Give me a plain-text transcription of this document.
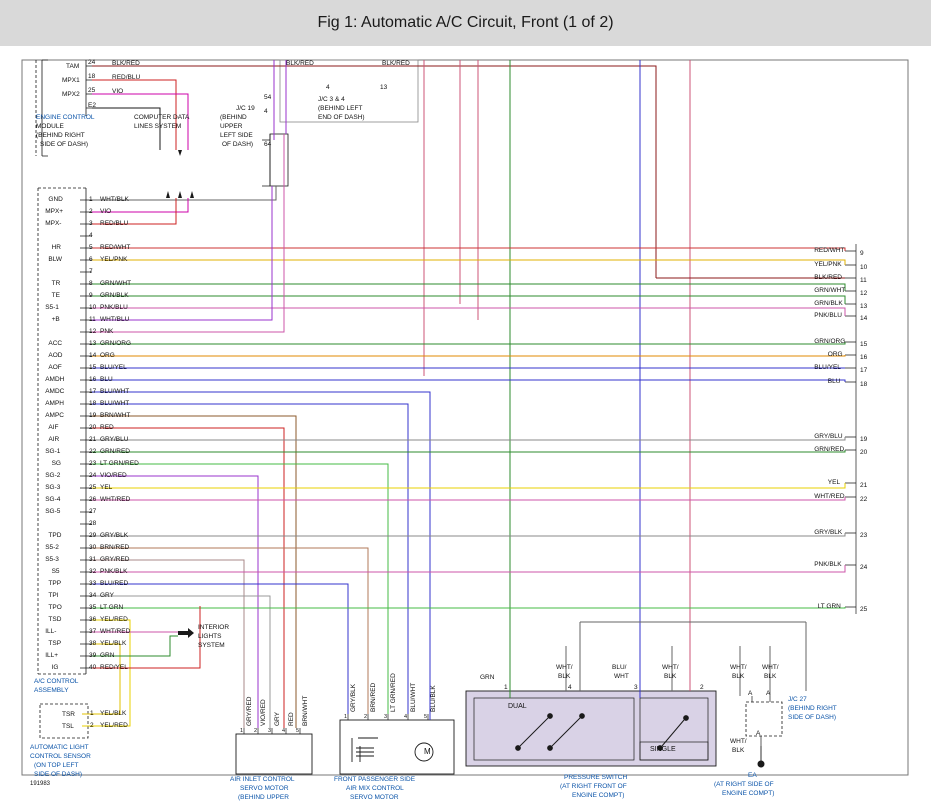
Fig 1: Automatic A/C Circuit, Front (1 of 2)
TAM
24	BLK/RED
MPX1
18	RED/BLU
MPX2
25	VIO
E2
ENGINE CONTROL
MODULE
(BEHIND RIGHT
SIDE OF DASH)
COMPUTER DATA
LINES SYSTEM
J/C 19
(BEHIND
UPPER
LEFT SIDE
OF DASH)
4
54
64
J/C 3 & 4
(BEHIND LEFT
END OF DASH)
4	13
BLK/RED	BLK/RED
GND	1 WHT/BLK
MPX+	2 VIO
MPX-	3 RED/BLU
4
HR	5 RED/WHT
BLW	6 YEL/PNK
7
TR	8 GRN/WHT
TE	9 GRN/BLK
S5-1	10 PNK/BLU
+B	11 WHT/BLU
12 PNK
ACC	13 GRN/ORG
AOD	14 ORG
AOF	15 BLU/YEL
AMDH	16 BLU
AMDC	17 BLU/WHT
AMPH	18 BLU/WHT
AMPC	19 BRN/WHT
AIF	20 RED
AIR	21 GRY/BLU
SG-1	22 GRN/RED
SG	23 LT GRN/RED
SG-2	24 VIO/RED
SG-3	25 YEL
SG-4	26 WHT/RED
SG-5	27
28
TPD	29 GRY/BLK
S5-2	30 BRN/RED
S5-3	31 GRY/RED
S5	32 PNK/BLK
TPP	33 BLU/RED
TPI	34 GRY
TPO	35 LT GRN
TSD	36 YEL/RED
ILL-	37 WHT/RED
TSP	38 YEL/BLK
ILL+	39 GRN
IG	40 RED/YEL
RED/WHT 9
YEL/PNK	10
BLK/RED	11
GRN/WHT 12
GRN/BLK	13
PNK/BLU	14
GRN/ORG 15
ORG	16
BLU/YEL	17
BLU	18
GRY/BLU	19
GRN/RED 20
YEL	21
WHT/RED 22
GRY/BLK	23
PNK/BLK	24
LT GRN	25
A/C CONTROL
ASSEMBLY
TSR 1 YEL/BLK
TSL 2 YEL/RED
AUTOMATIC LIGHT
CONTROL SENSOR
(ON TOP LEFT
SIDE OF DASH)
INTERIOR
LIGHTS
SYSTEM
GRY/RED VIO/RED GRY RED BRN/WHT
1 2 3 4 5
AIR INLET CONTROL
SERVO MOTOR
(BEHIND UPPER
GRY/BLK BRN/RED LT GRN/RED BLU/WHT BLU/BLK
1	2	3	4	5
FRONT PASSENGER SIDE
AIR MIX CONTROL
SERVO MOTOR
M
GRN
WHT/
BLK
BLU/
WHT
WHT/
BLK
WHT/
BLK
WHT/
BLK
1	4	3	2
DUAL
SINGLE
PRESSURE SWITCH
(AT RIGHT FRONT OF
ENGINE COMPT)
A A
A
J/C 27
(BEHIND RIGHT
SIDE OF DASH)
WHT/
BLK
EA
(AT RIGHT SIDE OF
ENGINE COMPT)
191983
